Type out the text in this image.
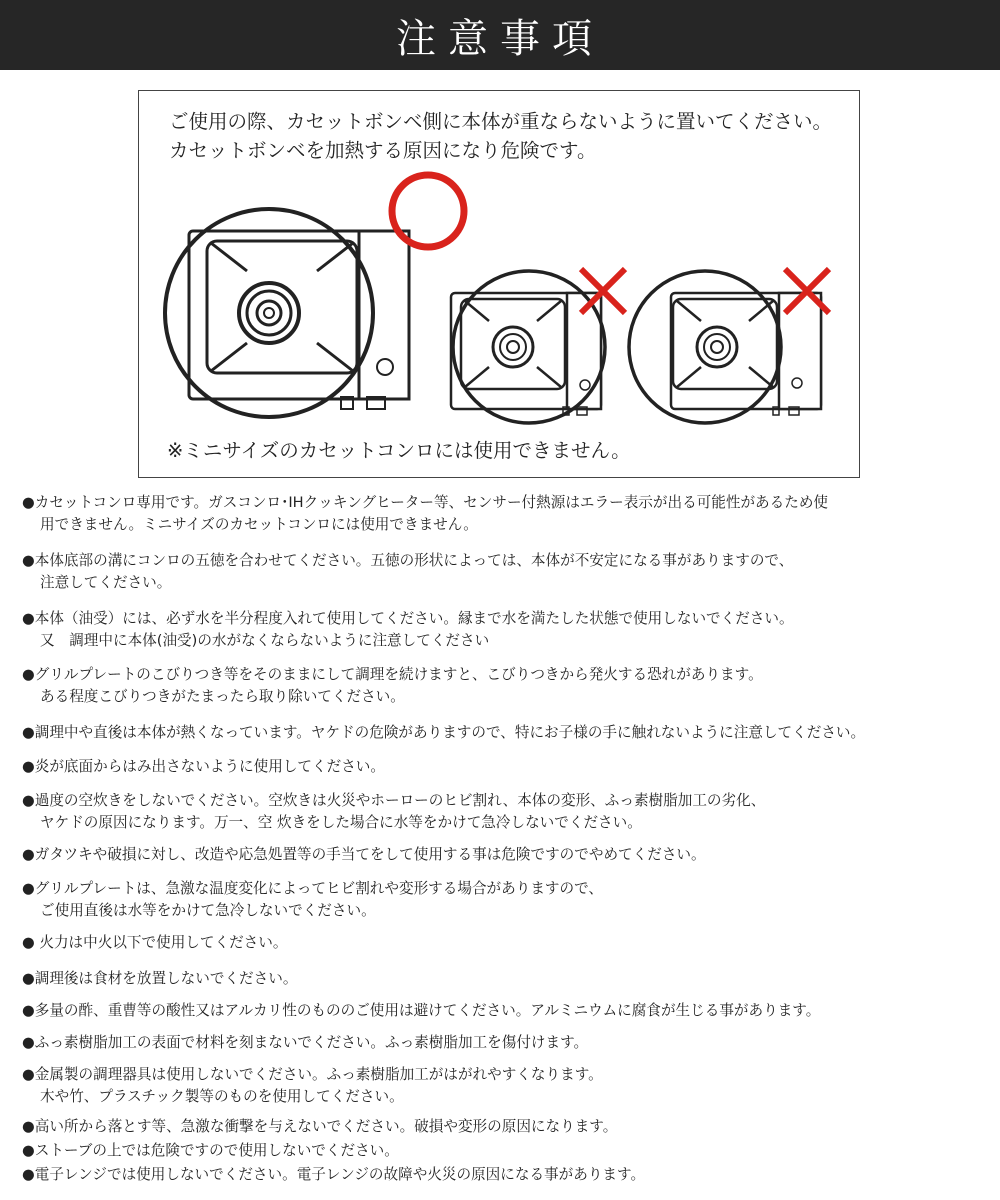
注意事項

ご使用の際、カセットボンベ側に本体が重ならないように置いてください。カセットボンベを加熱する原因になり危険です。

※ミニサイズのカセットコンロには使用できません。

●カセットコンロ専用です。ガスコンロ･IHクッキングヒーター等、センサー付熱源はエラー表示が出る可能性があるため使
用できません。ミニサイズのカセットコンロには使用できません。

●本体底部の溝にコンロの五徳を合わせてください。五徳の形状によっては、本体が不安定になる事がありますので、
注意してください。

●本体（油受）には、必ず水を半分程度入れて使用してください。縁まで水を満たした状態で使用しないでください。
又　調理中に本体(油受)の水がなくならないように注意してください

●グリルプレートのこびりつき等をそのままにして調理を続けますと、こびりつきから発火する恐れがあります。
ある程度こびりつきがたまったら取り除いてください。

●調理中や直後は本体が熱くなっています。ヤケドの危険がありますので、特にお子様の手に触れないように注意してください。

●炎が底面からはみ出さないように使用してください。

●過度の空炊きをしないでください。空炊きは火災やホーローのヒビ割れ、本体の変形、ふっ素樹脂加工の劣化、
ヤケドの原因になります。万一、空 炊きをした場合に水等をかけて急冷しないでください。

●ガタツキや破損に対し、改造や応急処置等の手当てをして使用する事は危険ですのでやめてください。

●グリルプレートは、急激な温度変化によってヒビ割れや変形する場合がありますので、
ご使用直後は水等をかけて急冷しないでください。

● 火力は中火以下で使用してください。

●調理後は食材を放置しないでください。

●多量の酢、重曹等の酸性又はアルカリ性のもののご使用は避けてください。アルミニウムに腐食が生じる事があります。

●ふっ素樹脂加工の表面で材料を刻まないでください。ふっ素樹脂加工を傷付けます。

●金属製の調理器具は使用しないでください。ふっ素樹脂加工がはがれやすくなります。
木や竹、プラスチック製等のものを使用してください。

●高い所から落とす等、急激な衝撃を与えないでください。破損や変形の原因になります。

●ストーブの上では危険ですので使用しないでください。

●電子レンジでは使用しないでください。電子レンジの故障や火災の原因になる事があります。
